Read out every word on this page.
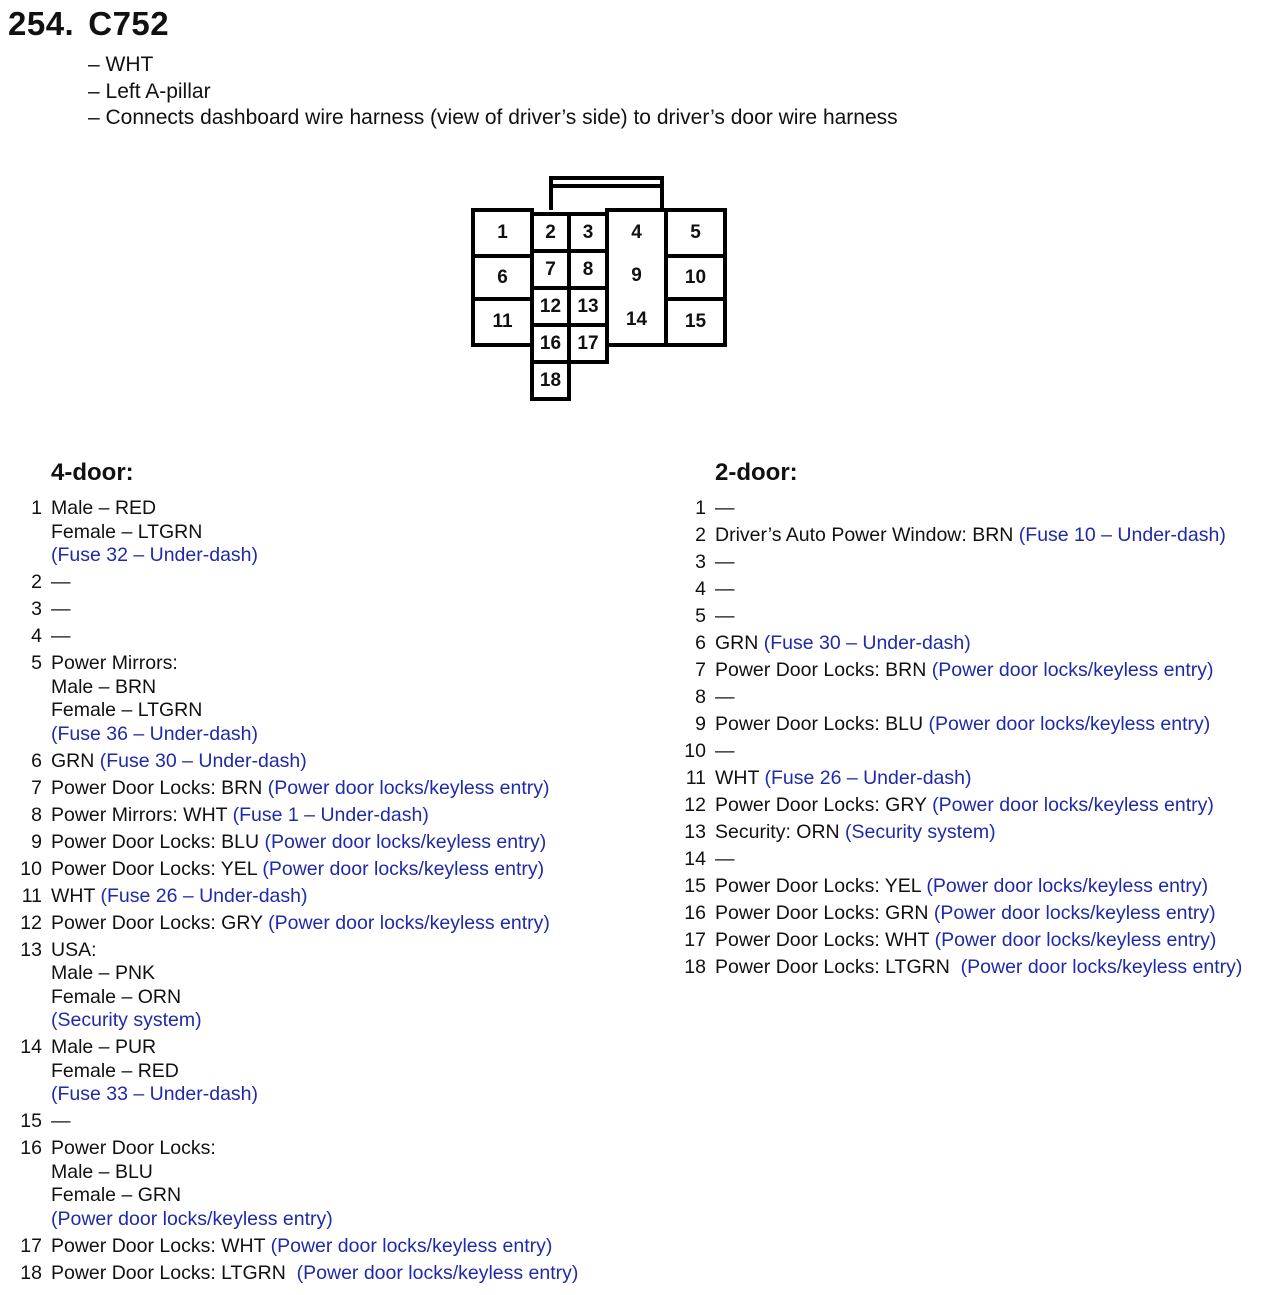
254. C752
– WHT
– Left A-pillar
– Connects dashboard wire harness (view of driver’s side) to driver’s door wire harness
1	2	3	4	5
6	7	8	9	10
11
12 13
14	15
16 17
18
4-door:
1 Male – RED
Female – LTGRN
(Fuse 32 – Under-dash)
2 —
3 —
4 —
5 Power Mirrors:
Male – BRN
Female – LTGRN
(Fuse 36 – Under-dash)
6 GRN (Fuse 30 – Under-dash)
7 Power Door Locks: BRN (Power door locks/keyless entry)
8 Power Mirrors: WHT (Fuse 1 – Under-dash)
9 Power Door Locks: BLU (Power door locks/keyless entry)
10 Power Door Locks: YEL (Power door locks/keyless entry)
11 WHT (Fuse 26 – Under-dash)
12 Power Door Locks: GRY (Power door locks/keyless entry)
13 USA:
Male – PNK
Female – ORN
(Security system)
14 Male – PUR
Female – RED
(Fuse 33 – Under-dash)
15 —
16 Power Door Locks:
Male – BLU
Female – GRN
(Power door locks/keyless entry)
17 Power Door Locks: WHT (Power door locks/keyless entry)
18 Power Door Locks: LTGRN  (Power door locks/keyless entry)
2-door:
1 —
2 Driver’s Auto Power Window: BRN (Fuse 10 – Under-dash)
3 —
4 —
5 —
6 GRN (Fuse 30 – Under-dash)
7 Power Door Locks: BRN (Power door locks/keyless entry)
8 —
9 Power Door Locks: BLU (Power door locks/keyless entry)
10 —
11 WHT (Fuse 26 – Under-dash)
12 Power Door Locks: GRY (Power door locks/keyless entry)
13 Security: ORN (Security system)
14 —
15 Power Door Locks: YEL (Power door locks/keyless entry)
16 Power Door Locks: GRN (Power door locks/keyless entry)
17 Power Door Locks: WHT (Power door locks/keyless entry)
18 Power Door Locks: LTGRN  (Power door locks/keyless entry)
